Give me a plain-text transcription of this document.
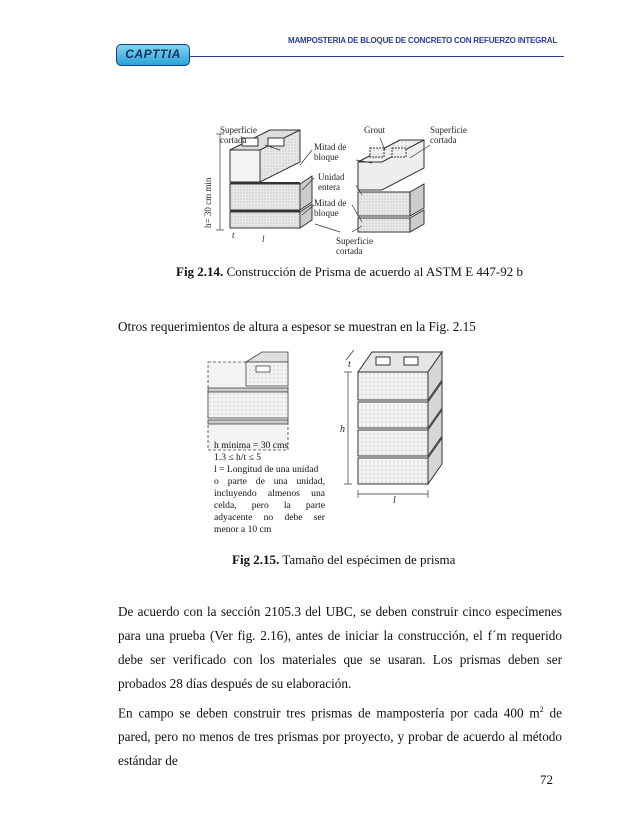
MAMPOSTERIA DE BLOQUE DE CONCRETO CON REFUERZO INTEGRAL
CAPTTIA
Superficie
cortada
Grout	Superficie
cortada
Mitad de
bloque
Unidad
entera
Mitad de
bloque
Superficie
cortada
h= 30 cm min
t	l
Fig 2.14. Construcción de Prisma de acuerdo al ASTM E 447-92 b

Otros requerimientos de altura a espesor se muestran en la Fig. 2.15

h minima = 30 cms
1.3 ≤ h/t ≤ 5
l = Longitud de una unidad
o parte de una unidad,
incluyendo almenos una
celda, pero la parte
adyacente no debe ser
menor a 10 cm
t
h
l
Fig 2.15. Tamaño del espécimen de prisma

De acuerdo con la sección 2105.3 del UBC, se deben construir cinco especímenes para una prueba (Ver fig. 2.16), antes de iniciar la construcción, el f´m requerido debe ser verificado con los materiales que se usaran. Los prismas deben ser probados 28 días después de su elaboración.

En campo se deben construir tres prismas de mampostería por cada 400 $m^2$ de pared, pero no menos de tres prismas por proyecto, y probar de acuerdo al método estándar de

72
